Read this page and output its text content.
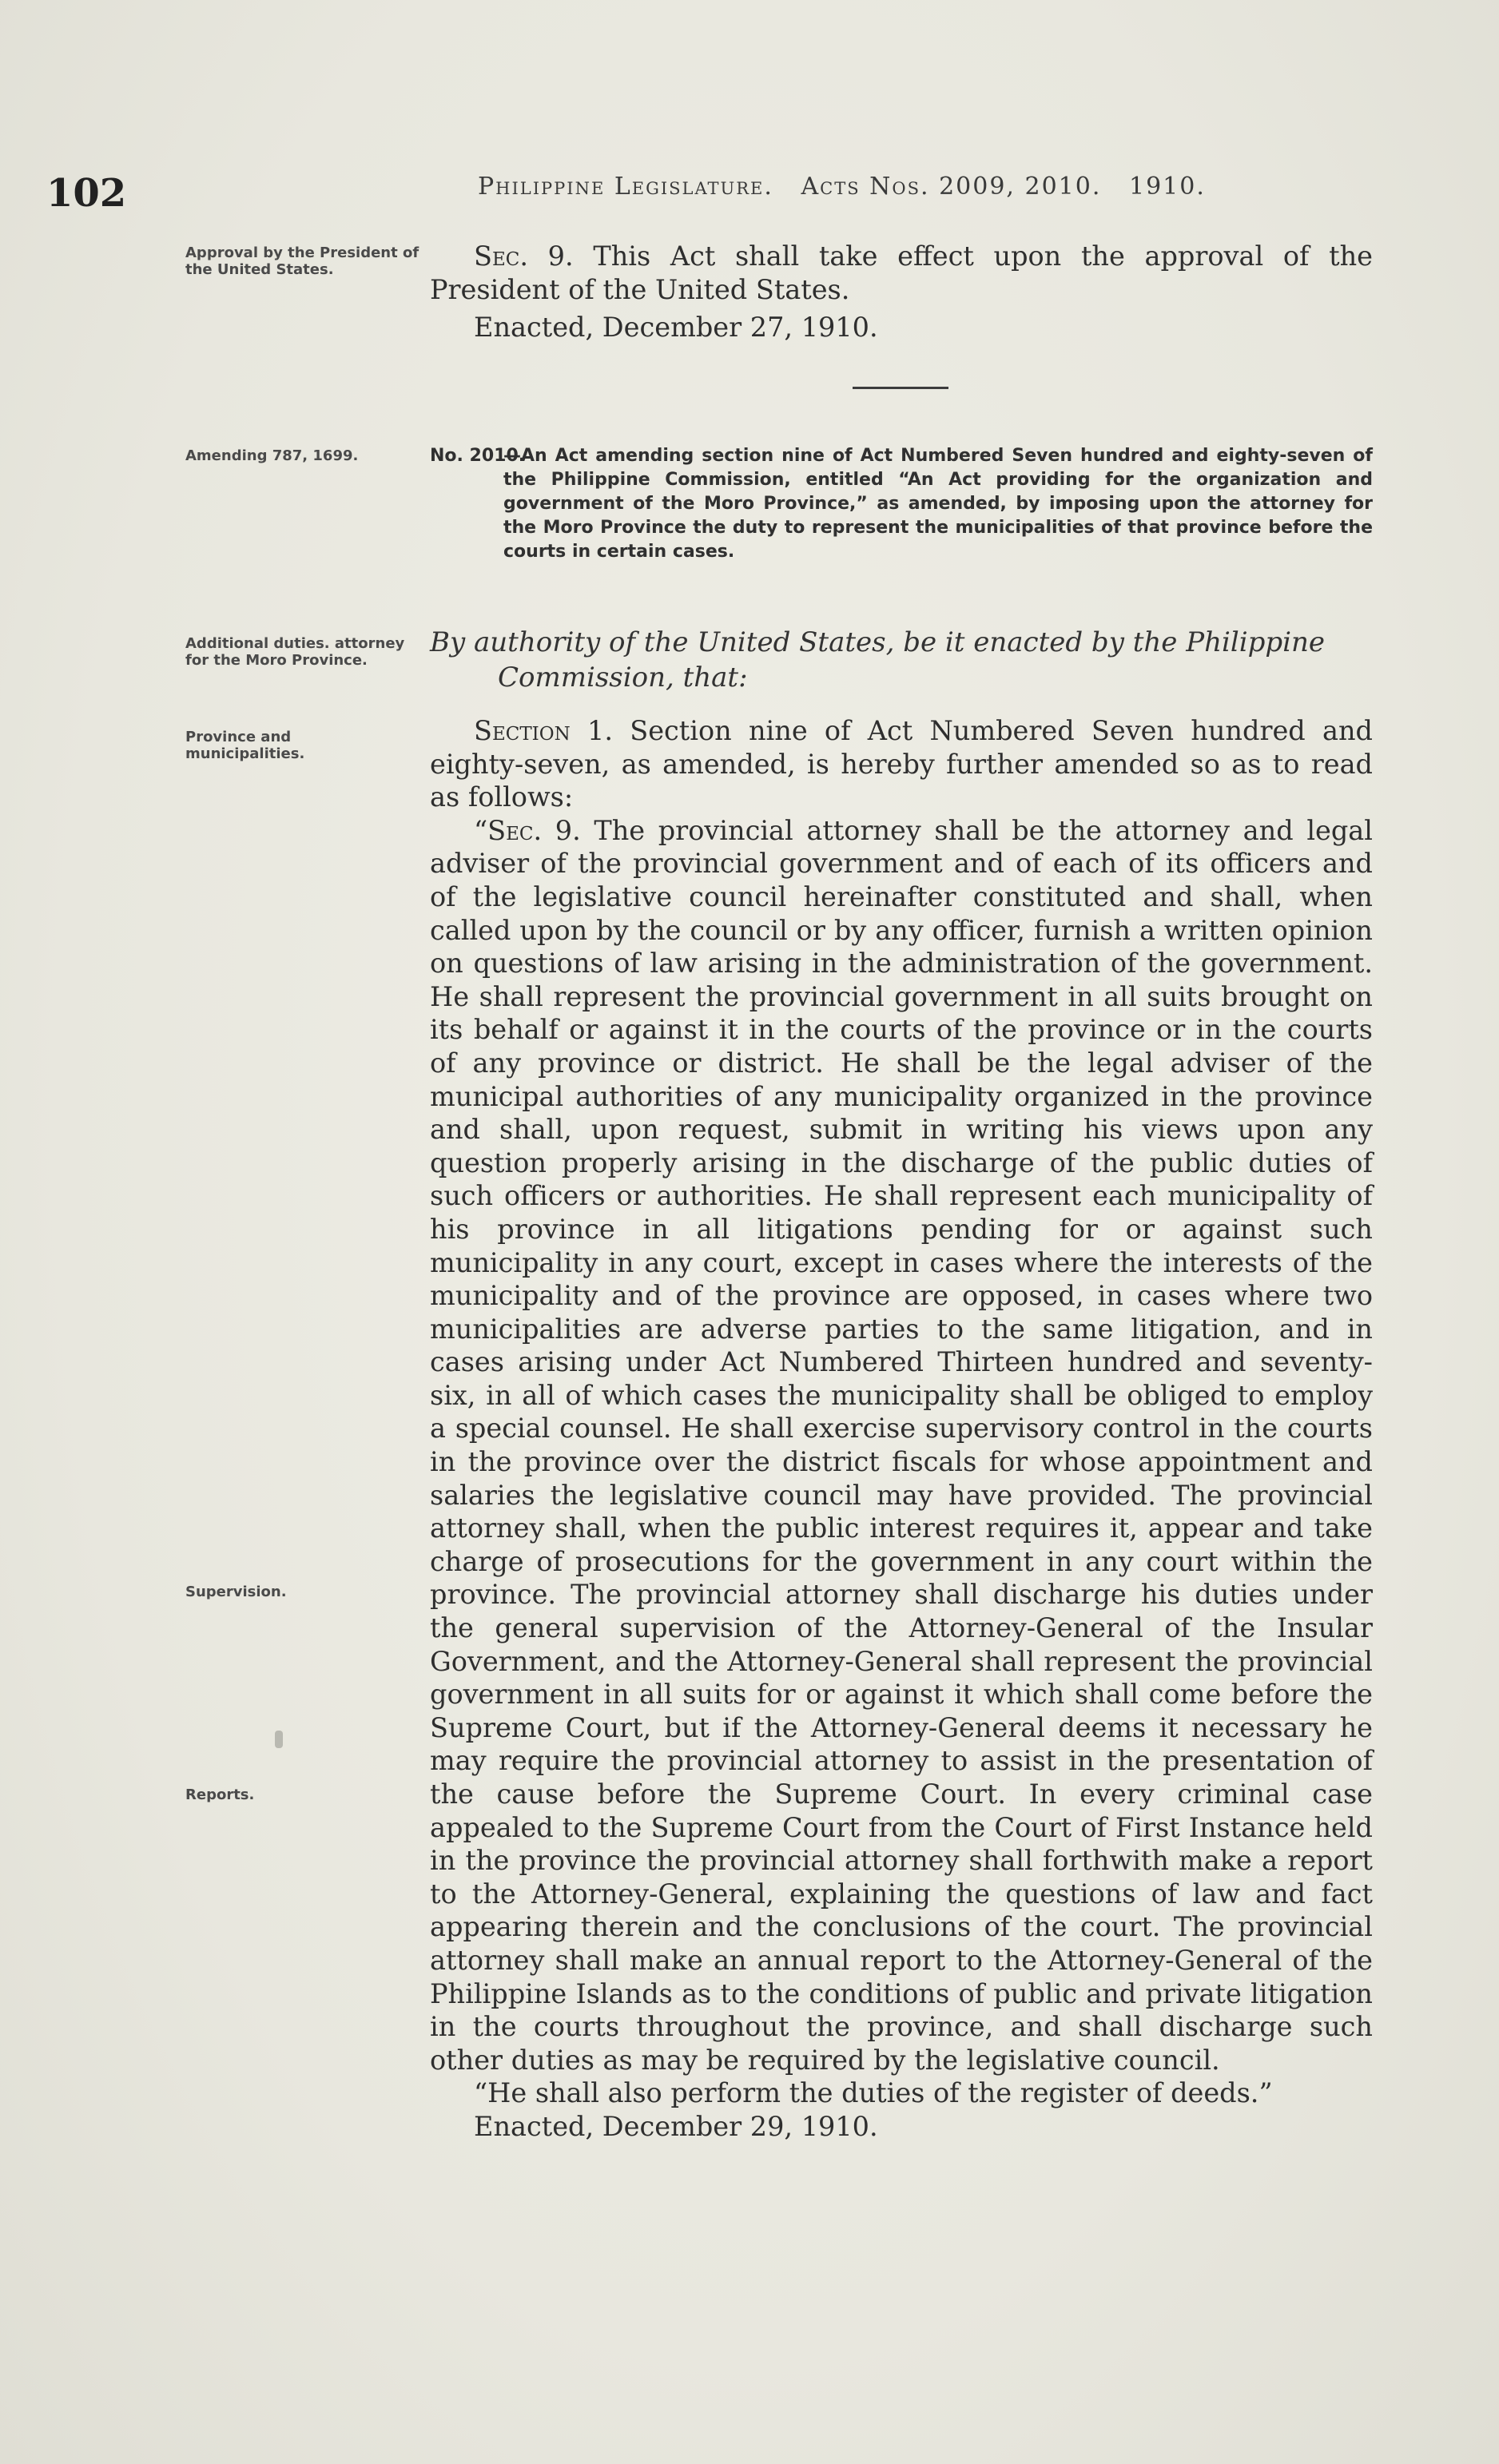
102	Philippine Legislature. Acts Nos. 2009, 2010. 1910.
Approval by the President of the United States.	Sec. 9. This Act shall take effect upon the approval of the President of the United States.

Enacted, December 27, 1910.

Amending 787, 1699.	No. 2010.
—An Act amending section nine of Act Numbered Seven hundred and eighty-seven of the Philippine Commission, entitled “An Act providing for the organization and government of the Moro Province,” as amended, by imposing upon the attorney for the Moro Province the duty to represent the municipalities of that province before the courts in certain cases.
Additional duties. attorney for the Moro Province.
By authority of the United States, be it enacted by the Philippine
Commission, that:
Province and municipalities.
Supervision.
Reports.

Section 1. Section nine of Act Numbered Seven hundred and eighty-seven, as amended, is hereby further amended so as to read as follows:

“Sec. 9. The provincial attorney shall be the attorney and legal adviser of the provincial government and of each of its officers and of the legislative council hereinafter constituted and shall, when called upon by the council or by any officer, furnish a written opinion on questions of law arising in the administration of the government. He shall represent the provincial government in all suits brought on its behalf or against it in the courts of the province or in the courts of any province or district. He shall be the legal adviser of the municipal authorities of any municipality organized in the province and shall, upon request, submit in writing his views upon any question properly arising in the discharge of the public duties of such officers or authorities. He shall represent each municipality of his province in all litigations pending for or against such municipality in any court, except in cases where the interests of the municipality and of the province are opposed, in cases where two municipalities are adverse parties to the same litigation, and in cases arising under Act Numbered Thirteen hundred and seventy-six, in all of which cases the municipality shall be obliged to employ a special counsel. He shall exercise supervisory control in the courts in the province over the district fiscals for whose appointment and salaries the legislative council may have provided. The provincial attorney shall, when the public interest requires it, appear and take charge of prosecutions for the government in any court within the province. The provincial attorney shall discharge his duties under the general supervision of the Attorney-General of the Insular Government, and the Attorney-General shall represent the provincial government in all suits for or against it which shall come before the Supreme Court, but if the Attorney-General deems it necessary he may require the provincial attorney to assist in the presentation of the cause before the Supreme Court. In every criminal case appealed to the Supreme Court from the Court of First Instance held in the province the provincial attorney shall forthwith make a report to the Attorney-General, explaining the questions of law and fact appearing therein and the conclusions of the court. The provincial attorney shall make an annual report to the Attorney-General of the Philippine Islands as to the conditions of public and private litigation in the courts throughout the province, and shall discharge such other duties as may be required by the legislative council.

“He shall also perform the duties of the register of deeds.”

Enacted, December 29, 1910.
